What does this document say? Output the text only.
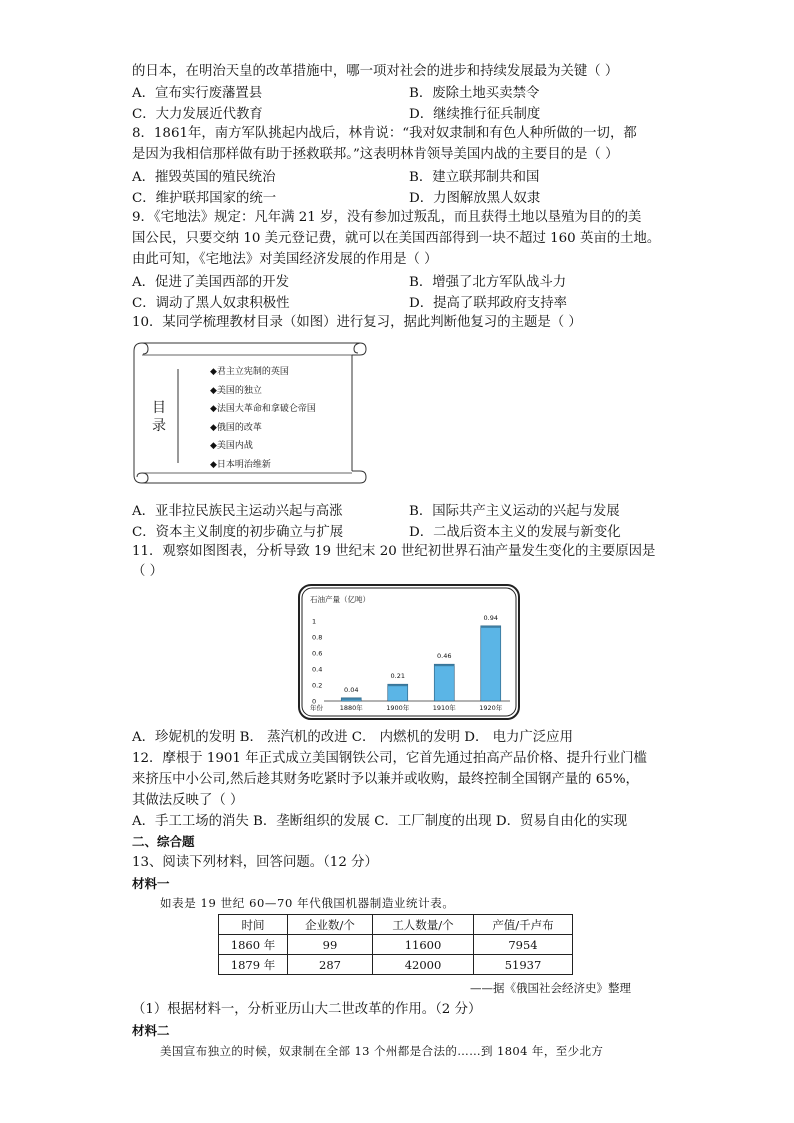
的日本，在明治天皇的改革措施中，哪一项对社会的进步和持续发展最为关键（ ）
A．宣布实行废藩置县	B．废除土地买卖禁令
C．大力发展近代教育	D．继续推行征兵制度
8．1861年，南方军队挑起内战后，林肯说：“我对奴隶制和有色人种所做的一切，都
是因为我相信那样做有助于拯救联邦。”这表明林肯领导美国内战的主要目的是（ ）
A．摧毁英国的殖民统治	B．建立联邦制共和国
C．维护联邦国家的统一	D．力图解放黑人奴隶
9．《宅地法》规定：凡年满 21 岁，没有参加过叛乱，而且获得土地以垦殖为目的的美
国公民，只要交纳 10 美元登记费，就可以在美国西部得到一块不超过 160 英亩的土地。
由此可知，《宅地法》对美国经济发展的作用是（ ）
A．促进了美国西部的开发	B．增强了北方军队战斗力
C．调动了黑人奴隶积极性	D．提高了联邦政府支持率
10．某同学梳理教材目录（如图）进行复习，据此判断他复习的主题是（ ）
目
录
◆君主立宪制的英国
◆美国的独立
◆法国大革命和拿破仑帝国
◆俄国的改革
◆美国内战
◆日本明治维新
A．亚非拉民族民主运动兴起与高涨	B．国际共产主义运动的兴起与发展
C．资本主义制度的初步确立与扩展	D．二战后资本主义的发展与新变化
11．观察如图图表，分析导致 19 世纪末 20 世纪初世界石油产量发生变化的主要原因是
（ ）
石油产量（亿吨）
0
0.2
0.4
0.6
0.8
1
年份
0.04
1880年
0.21
1900年
0.46
1910年
0.94
1920年
A．珍妮机的发明 B． 蒸汽机的改进 C． 内燃机的发明 D． 电力广泛应用
12．摩根于 1901 年正式成立美国钢铁公司，它首先通过拍高产品价格、提升行业门槛
来挤压中小公司,然后趁其财务吃紧时予以兼并或收购，最终控制全国钢产量的 65%，
其做法反映了（ ）
A．手工工场的消失 B．垄断组织的发展 C．工厂制度的出现 D．贸易自由化的实现
二、综合题
13、阅读下列材料，回答问题。（12 分）
材料一
如表是 19 世纪 60—70 年代俄国机器制造业统计表。
时间	企业数/个	工人数量/个	产值/千卢布
1860 年	99	11600	7954
1879 年	287	42000	51937
——据《俄国社会经济史》整理
（1）根据材料一，分析亚历山大二世改革的作用。（2 分）
材料二
美国宣布独立的时候，奴隶制在全部 13 个州都是合法的……到 1804 年，至少北方
